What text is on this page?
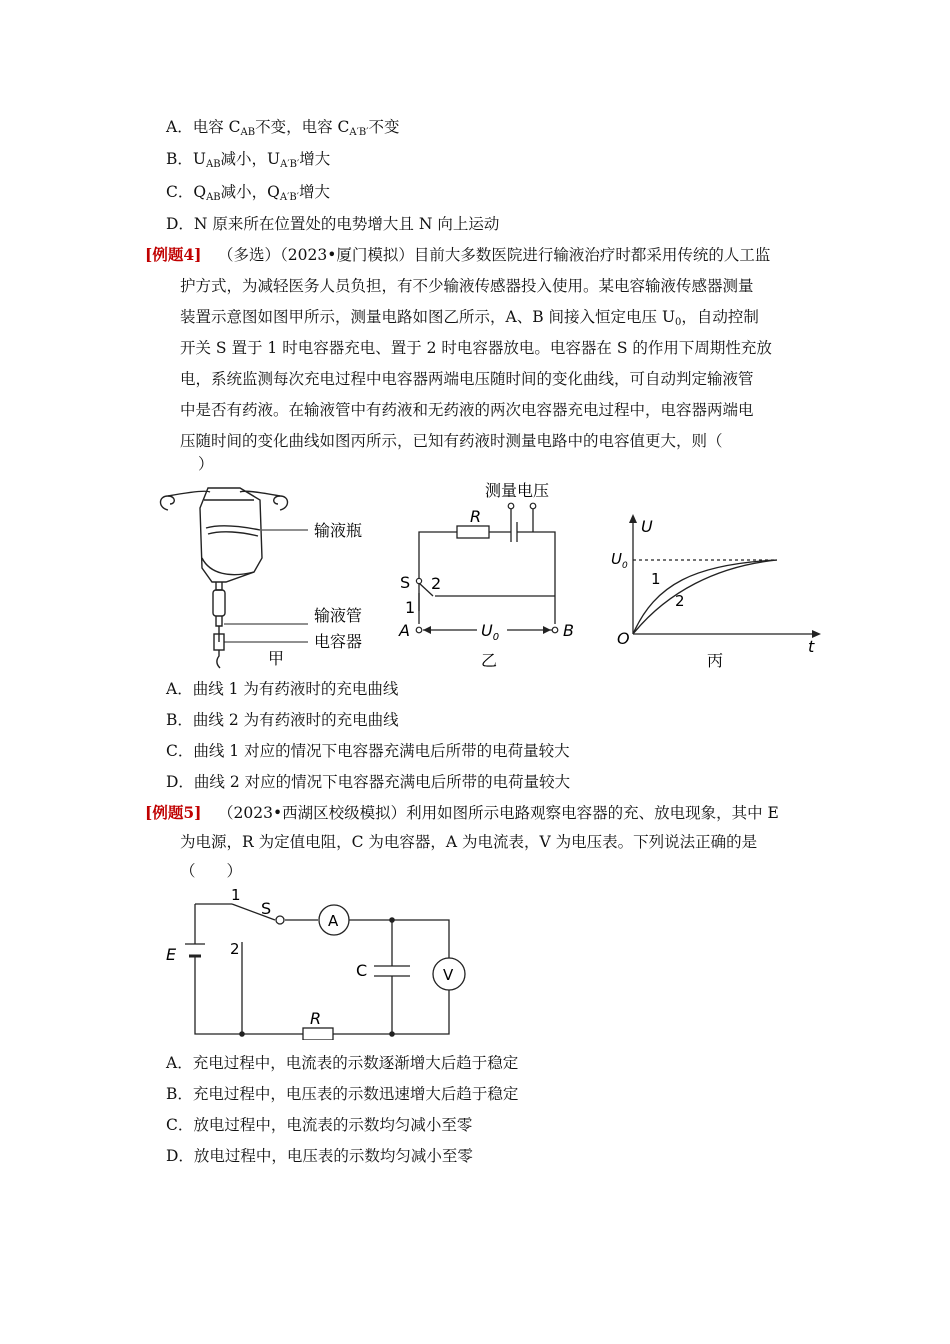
A．电容 $C_{AB}$不变，电容 $C_{A'B'}$不变
B．$U_{AB}$减小，$U_{A'B'}$增大
C．$Q_{AB}$减小，$Q_{A'B'}$增大
D．N 原来所在位置处的电势增大且 N 向上运动
[例题4] （多选）（2023•厦门模拟）目前大多数医院进行输液治疗时都采用传统的人工监
护方式，为减轻医务人员负担，有不少输液传感器投入使用。某电容输液传感器测量
装置示意图如图甲所示，测量电路如图乙所示，A、B 间接入恒定电压 $U_0$，自动控制
开关 S 置于 1 时电容器充电、置于 2 时电容器放电。电容器在 S 的作用下周期性充放
电，系统监测每次充电过程中电容器两端电压随时间的变化曲线，可自动判定输液管
中是否有药液。在输液管中有药液和无药液的两次电容器充电过程中，电容器两端电
压随时间的变化曲线如图丙所示，已知有药液时测量电路中的电容值更大，则（
）
输液瓶
输液管
电容器
甲
测量电压
R
S 2
1
A	$U_0$	B
乙
U
$U_0$
1
2
O	t
丙
A．曲线 1 为有药液时的充电曲线
B．曲线 2 为有药液时的充电曲线
C．曲线 1 对应的情况下电容器充满电后所带的电荷量较大
D．曲线 2 对应的情况下电容器充满电后所带的电荷量较大
[例题5] （2023•西湖区校级模拟）利用如图所示电路观察电容器的充、放电现象，其中 E
为电源，R 为定值电阻，C 为电容器，A 为电流表，V 为电压表。下列说法正确的是
（　　）
1
S
A
E	2
C	V
R
A．充电过程中，电流表的示数逐渐增大后趋于稳定
B．充电过程中，电压表的示数迅速增大后趋于稳定
C．放电过程中，电流表的示数均匀减小至零
D．放电过程中，电压表的示数均匀减小至零
